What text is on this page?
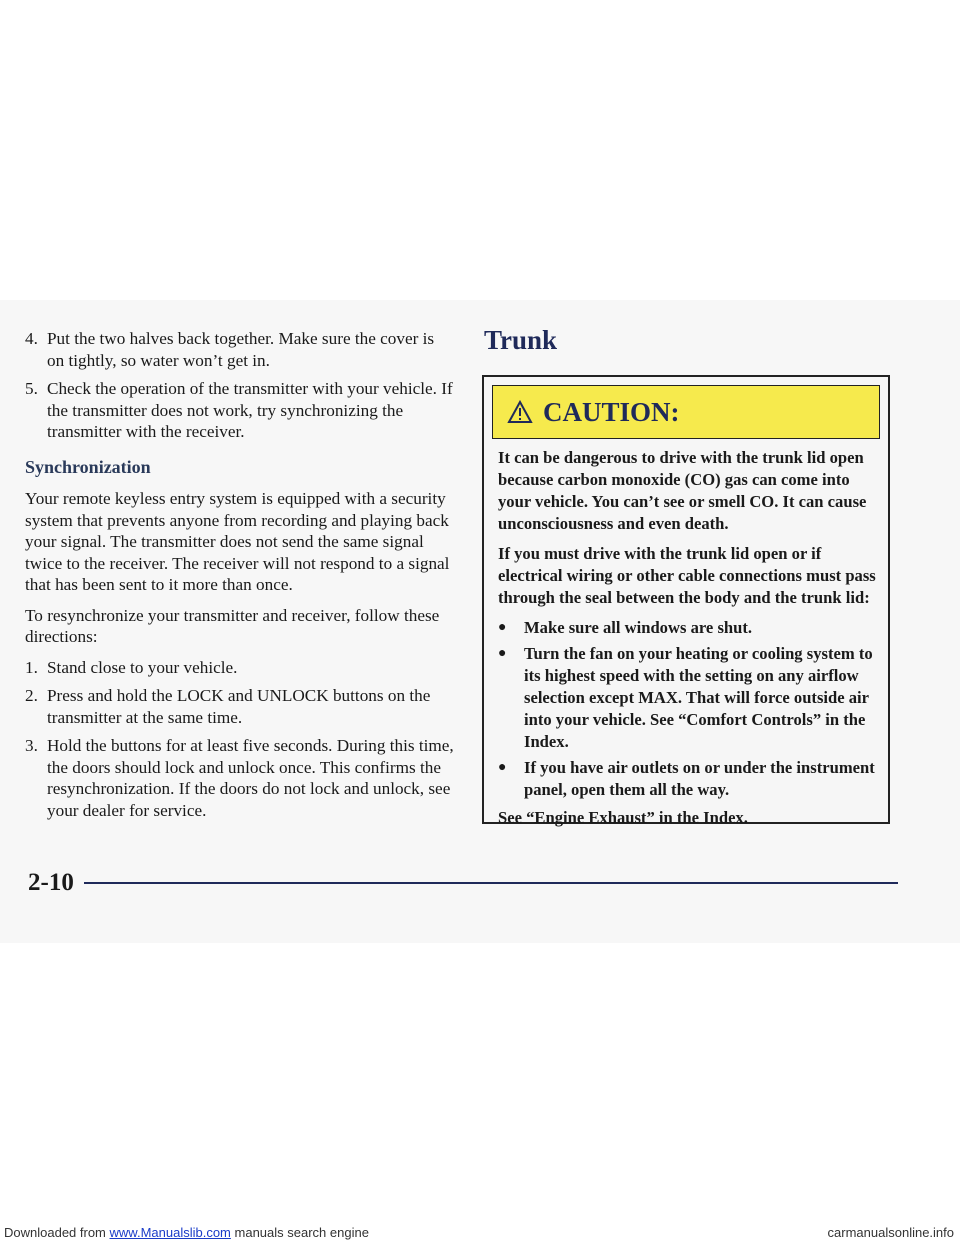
4. Put the two halves back together. Make sure the cover is on tightly, so water won’t get in.
5. Check the operation of the transmitter with your vehicle. If the transmitter does not work, try synchronizing the transmitter with the receiver.
Synchronization

Your remote keyless entry system is equipped with a security system that prevents anyone from recording and playing back your signal. The transmitter does not send the same signal twice to the receiver. The receiver will not respond to a signal that has been sent to it more than once.

To resynchronize your transmitter and receiver, follow these directions:

1. Stand close to your vehicle.
2. Press and hold the LOCK and UNLOCK buttons on the transmitter at the same time.
3. Hold the buttons for at least five seconds. During this time, the doors should lock and unlock once. This confirms the resynchronization. If the doors do not lock and unlock, see your dealer for service.
Trunk
CAUTION:

It can be dangerous to drive with the trunk lid open because carbon monoxide (CO) gas can come into your vehicle. You can’t see or smell CO. It can cause unconsciousness and even death.

If you must drive with the trunk lid open or if electrical wiring or other cable connections must pass through the seal between the body and the trunk lid:

●	Make sure all windows are shut.
●	Turn the fan on your heating or cooling system to its highest speed with the setting on any airflow selection except MAX. That will force outside air into your vehicle. See “Comfort Controls” in the Index.
●	If you have air outlets on or under the instrument panel, open them all the way.

See “Engine Exhaust” in the Index.

2-10
Downloaded from www.Manualslib.com manuals search engine	carmanualsonline.info
